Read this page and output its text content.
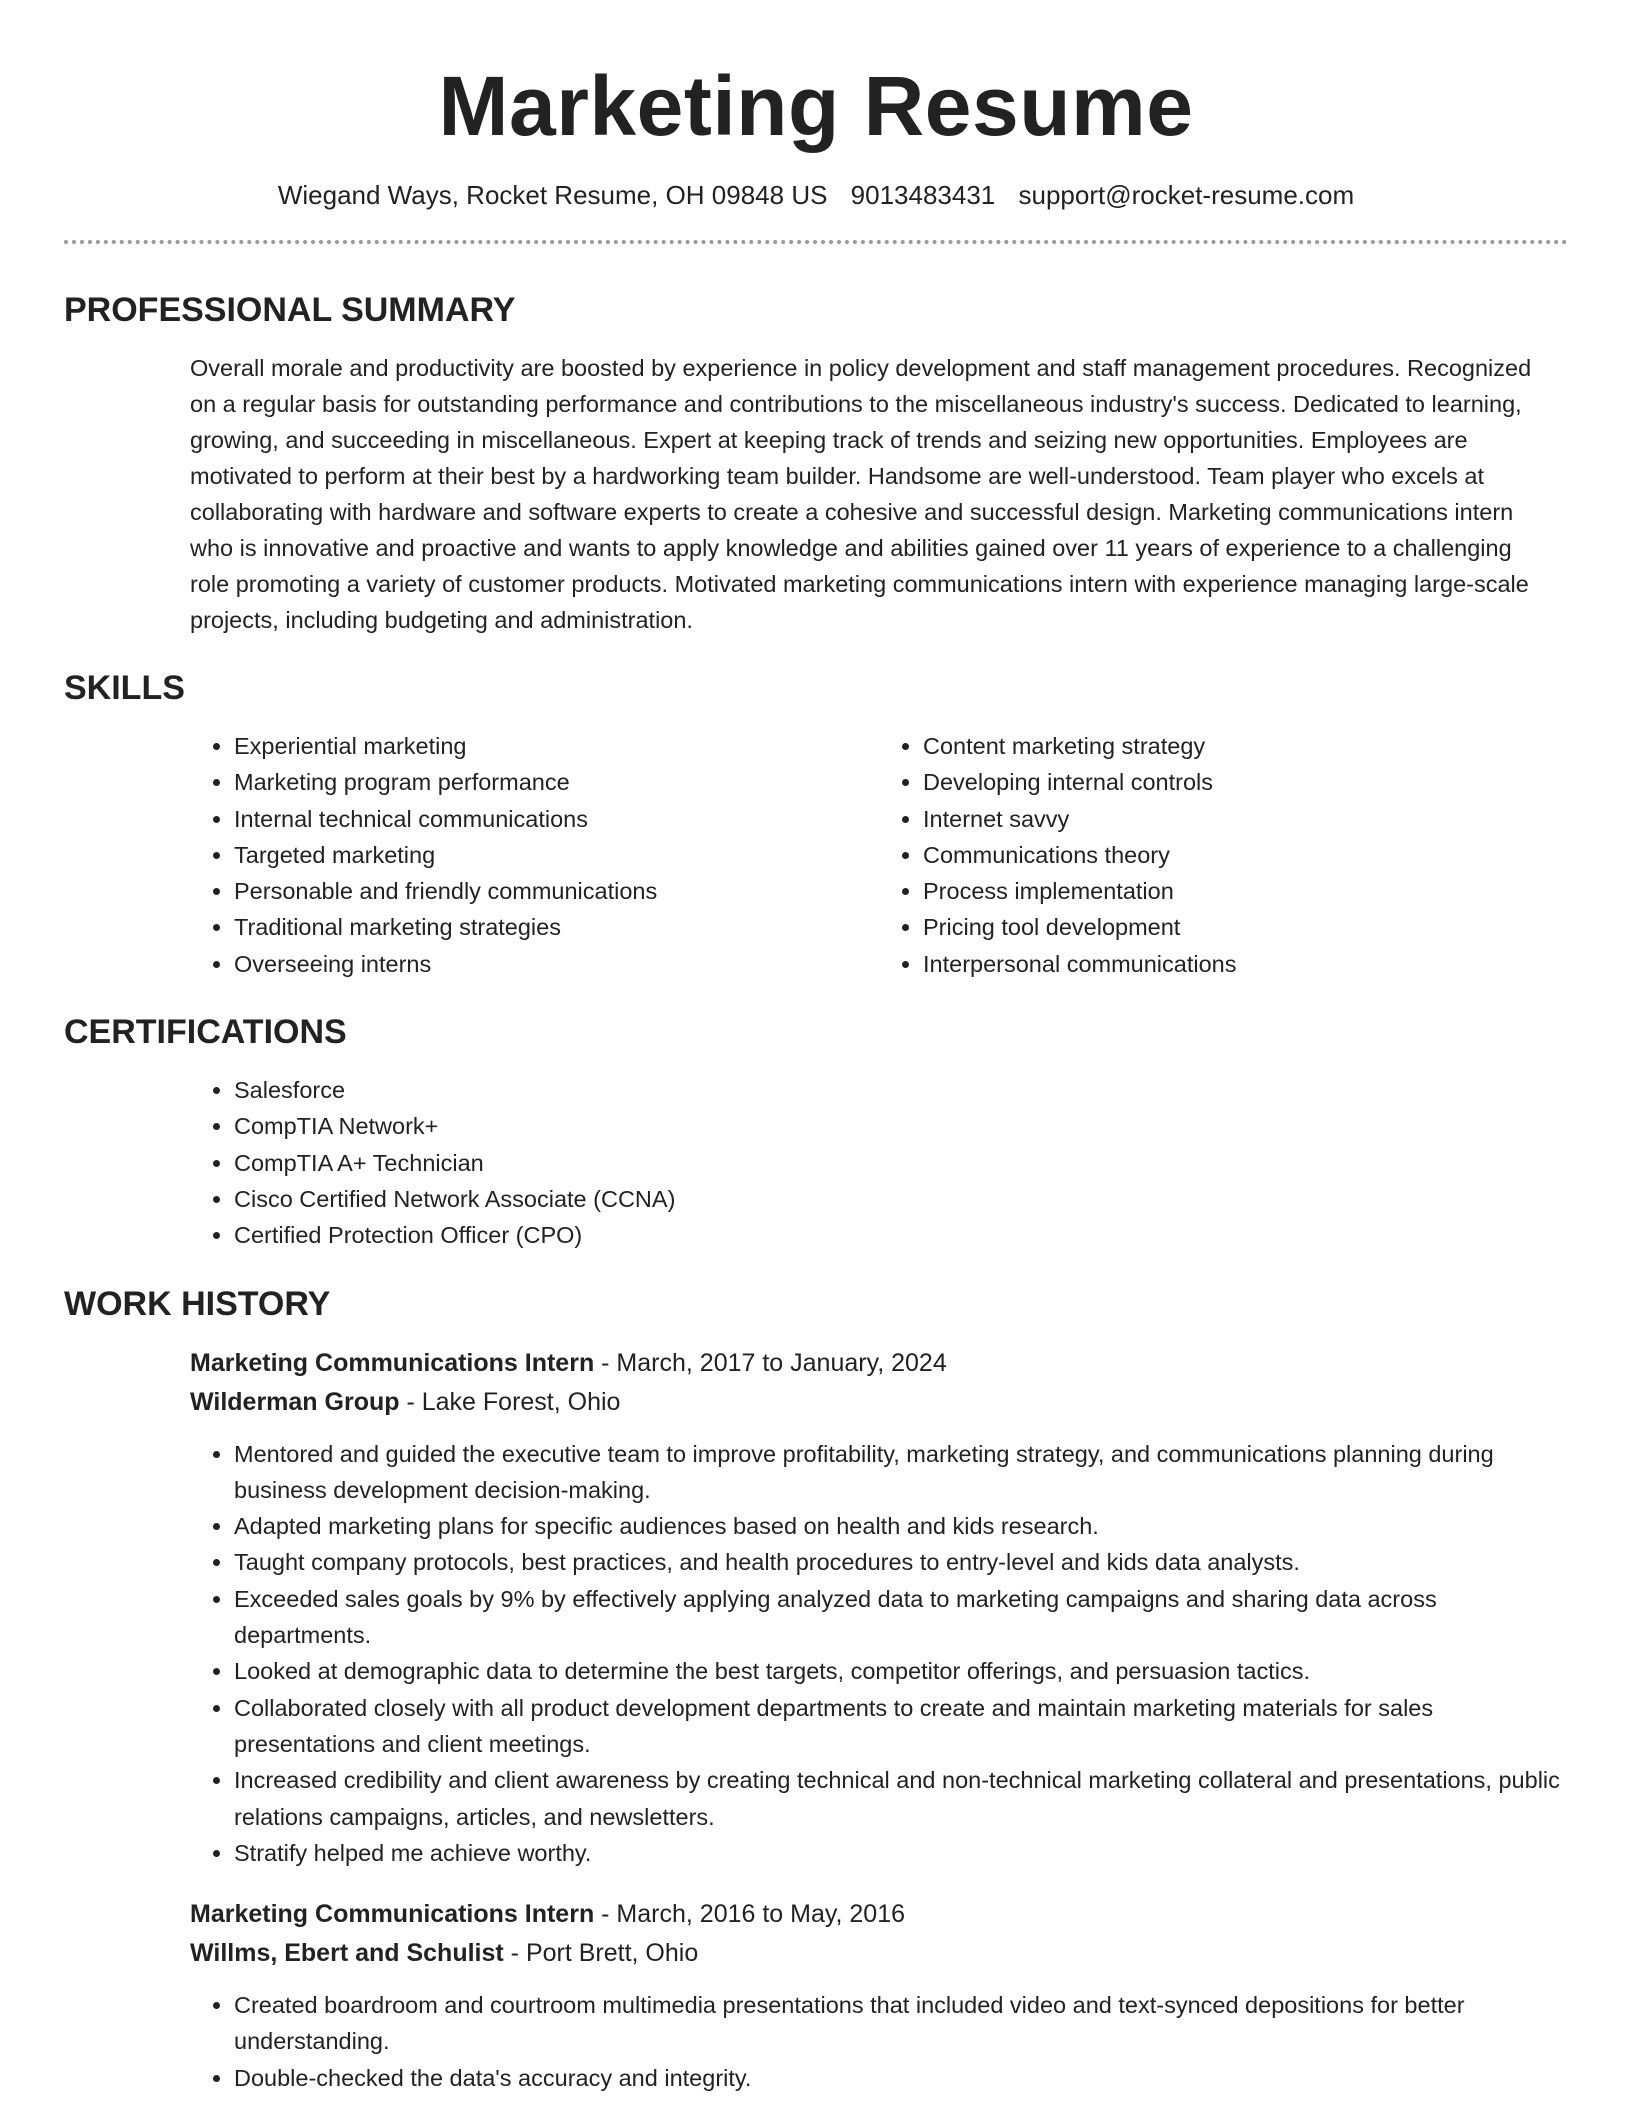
Marketing Resume
Wiegand Ways, Rocket Resume, OH 09848 US 9013483431 support@rocket-resume.com
PROFESSIONAL SUMMARY

Overall morale and productivity are boosted by experience in policy development and staff management procedures. Recognized on a regular basis for outstanding performance and contributions to the miscellaneous industry's success. Dedicated to learning, growing, and succeeding in miscellaneous. Expert at keeping track of trends and seizing new opportunities. Employees are motivated to perform at their best by a hardworking team builder. Handsome are well-understood. Team player who excels at collaborating with hardware and software experts to create a cohesive and successful design. Marketing communications intern who is innovative and proactive and wants to apply knowledge and abilities gained over 11 years of experience to a challenging role promoting a variety of customer products. Motivated marketing communications intern with experience managing large-scale projects, including budgeting and administration.

SKILLS
• Experiential marketing
• Marketing program performance
• Internal technical communications
• Targeted marketing
• Personable and friendly communications
• Traditional marketing strategies
• Overseeing interns
• Content marketing strategy
• Developing internal controls
• Internet savvy
• Communications theory
• Process implementation
• Pricing tool development
• Interpersonal communications
CERTIFICATIONS
• Salesforce
• CompTIA Network+
• CompTIA A+ Technician
• Cisco Certified Network Associate (CCNA)
• Certified Protection Officer (CPO)
WORK HISTORY
Marketing Communications Intern - March, 2017 to January, 2024
Wilderman Group - Lake Forest, Ohio
• Mentored and guided the executive team to improve profitability, marketing strategy, and communications planning during business development decision-making.
• Adapted marketing plans for specific audiences based on health and kids research.
• Taught company protocols, best practices, and health procedures to entry-level and kids data analysts.
• Exceeded sales goals by 9% by effectively applying analyzed data to marketing campaigns and sharing data across departments.
• Looked at demographic data to determine the best targets, competitor offerings, and persuasion tactics.
• Collaborated closely with all product development departments to create and maintain marketing materials for sales presentations and client meetings.
• Increased credibility and client awareness by creating technical and non-technical marketing collateral and presentations, public relations campaigns, articles, and newsletters.
• Stratify helped me achieve worthy.
Marketing Communications Intern - March, 2016 to May, 2016
Willms, Ebert and Schulist - Port Brett, Ohio
• Created boardroom and courtroom multimedia presentations that included video and text-synced depositions for better understanding.
• Double-checked the data's accuracy and integrity.
